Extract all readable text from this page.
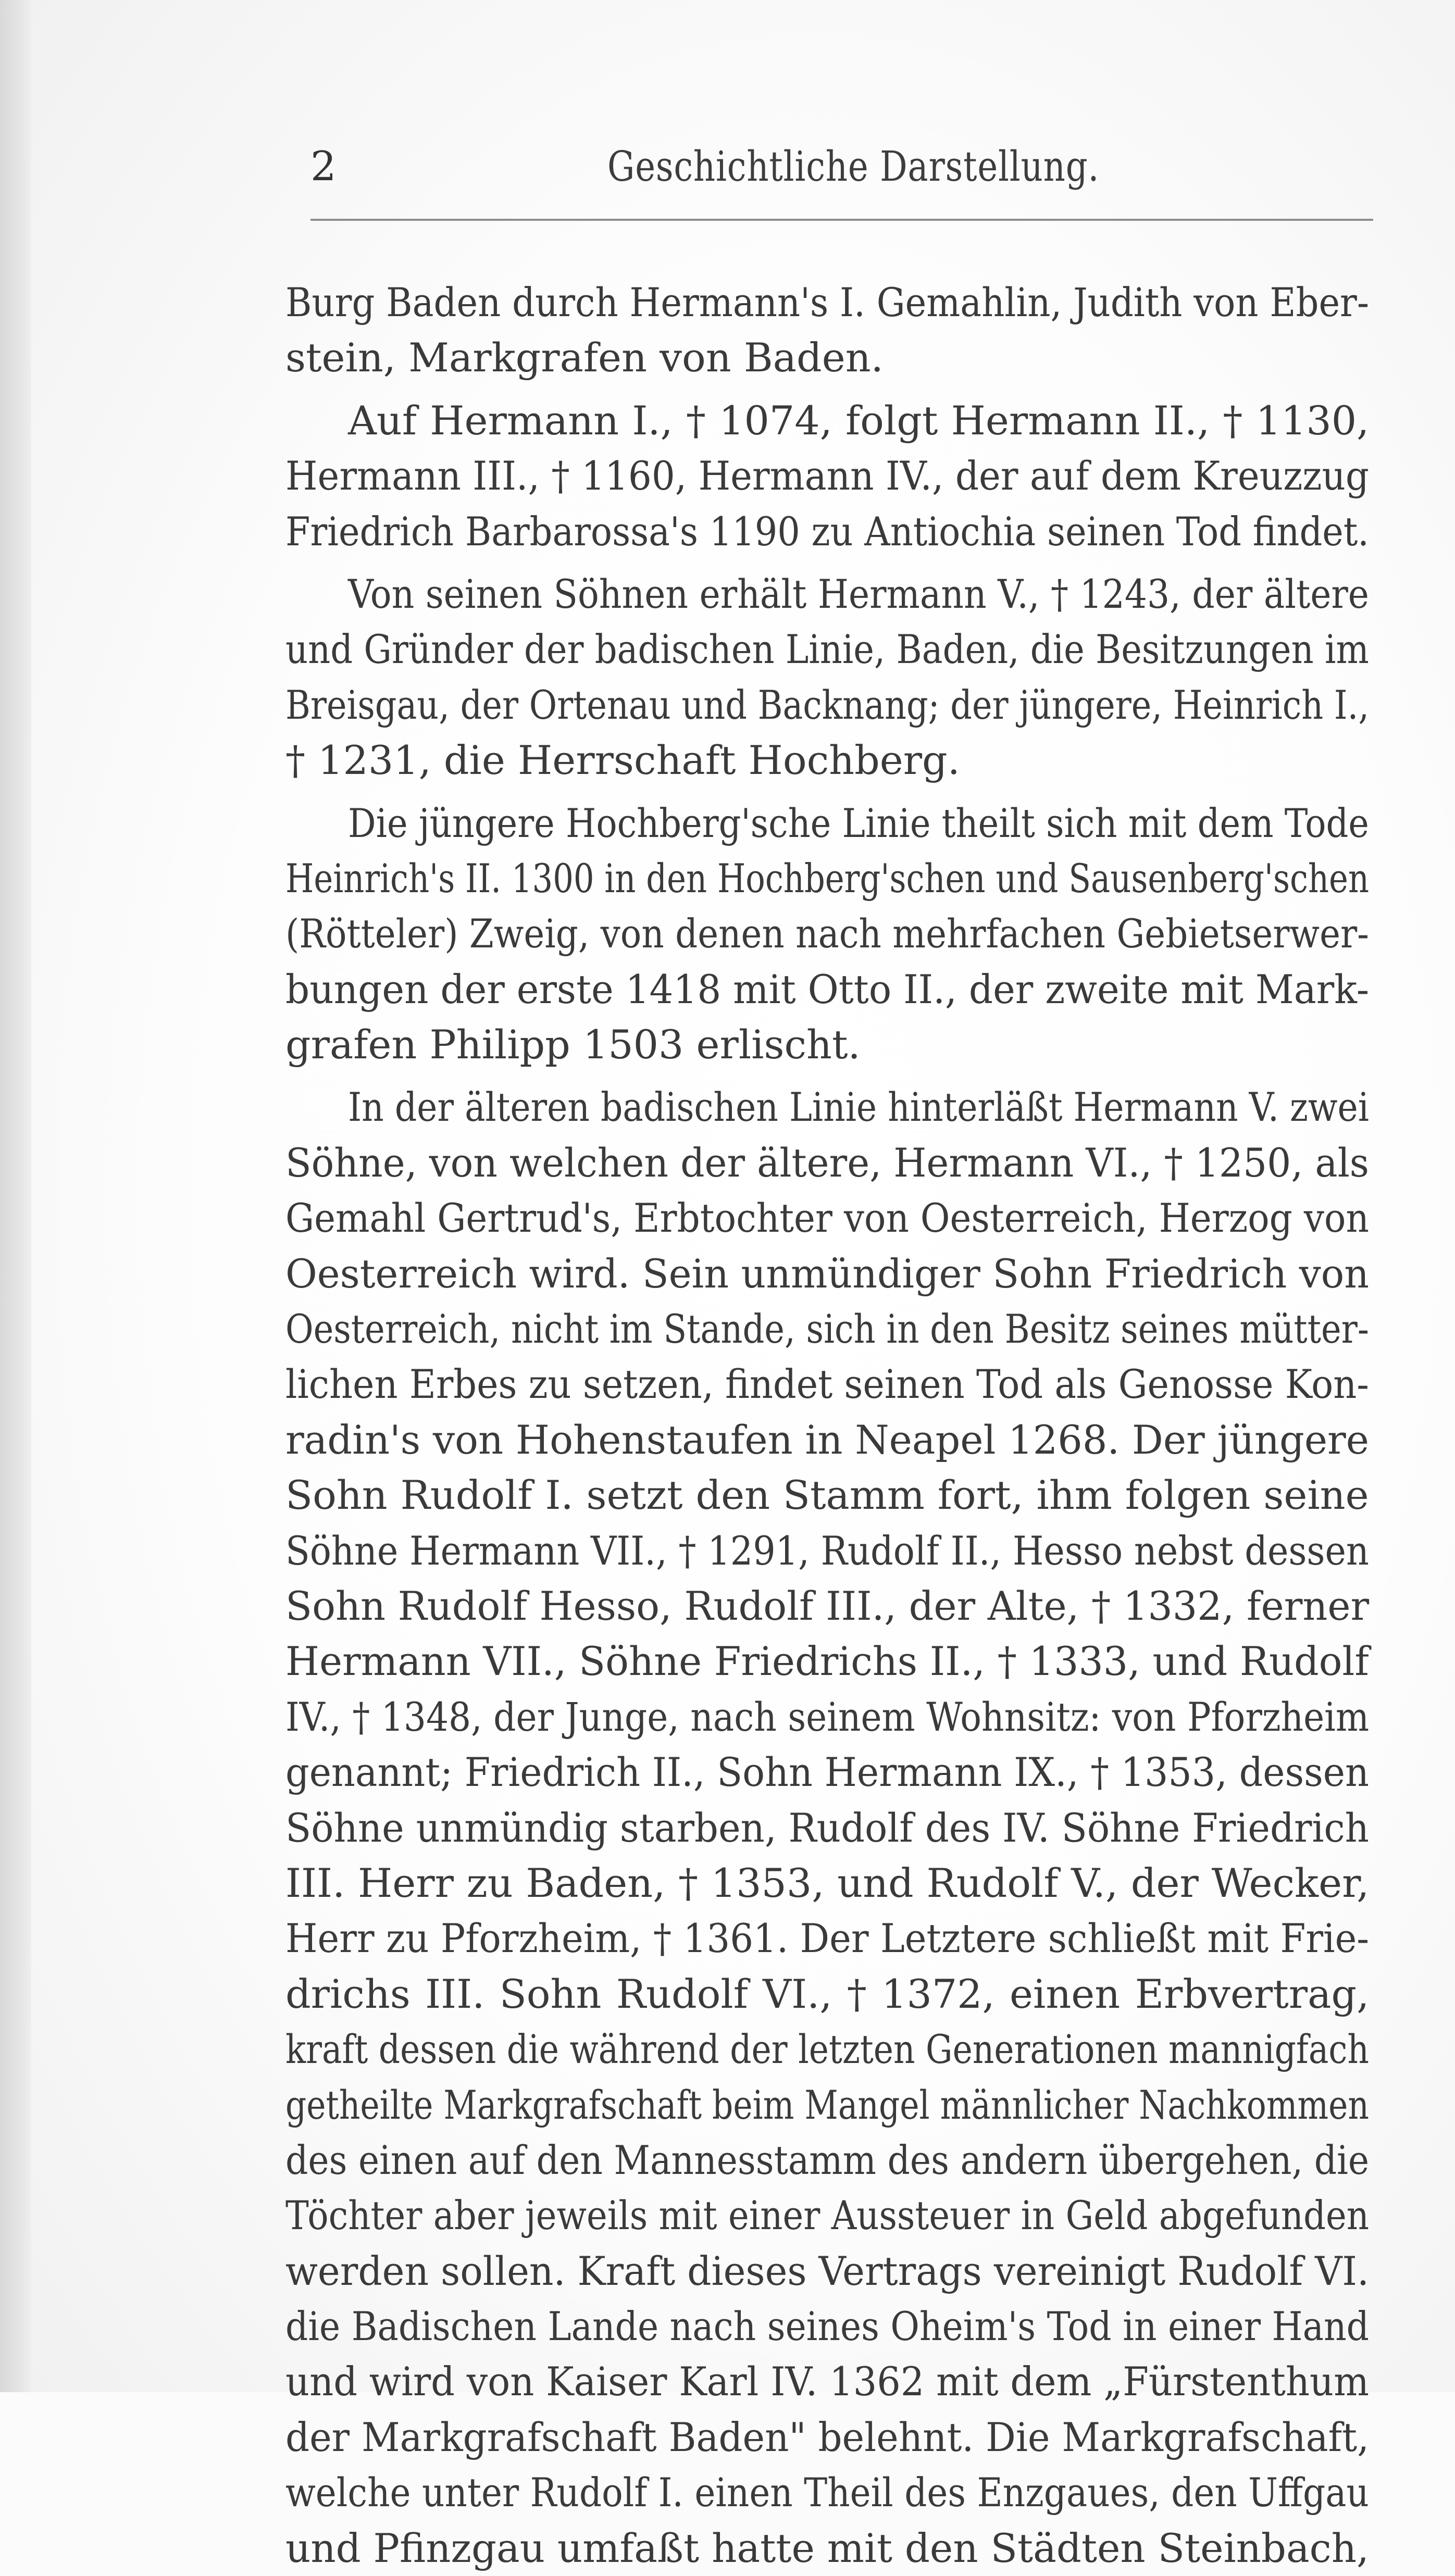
2	Geschichtliche Darstellung.
Burg Baden durch Hermann's I. Gemahlin, Judith von Eber-
stein, Markgrafen von Baden.
Auf Hermann I., † 1074, folgt Hermann II., † 1130,
Hermann III., † 1160, Hermann IV., der auf dem Kreuzzug
Friedrich Barbarossa's 1190 zu Antiochia seinen Tod findet.
Von seinen Söhnen erhält Hermann V., † 1243, der ältere
und Gründer der badischen Linie, Baden, die Besitzungen im
Breisgau, der Ortenau und Backnang; der jüngere, Heinrich I.,
† 1231, die Herrschaft Hochberg.
Die jüngere Hochberg'sche Linie theilt sich mit dem Tode
Heinrich's II. 1300 in den Hochberg'schen und Sausenberg'schen
(Rötteler) Zweig, von denen nach mehrfachen Gebietserwer-
bungen der erste 1418 mit Otto II., der zweite mit Mark-
grafen Philipp 1503 erlischt.
In der älteren badischen Linie hinterläßt Hermann V. zwei
Söhne, von welchen der ältere, Hermann VI., † 1250, als
Gemahl Gertrud's, Erbtochter von Oesterreich, Herzog von
Oesterreich wird. Sein unmündiger Sohn Friedrich von
Oesterreich, nicht im Stande, sich in den Besitz seines mütter-
lichen Erbes zu setzen, findet seinen Tod als Genosse Kon-
radin's von Hohenstaufen in Neapel 1268. Der jüngere
Sohn Rudolf I. setzt den Stamm fort, ihm folgen seine
Söhne Hermann VII., † 1291, Rudolf II., Hesso nebst dessen
Sohn Rudolf Hesso, Rudolf III., der Alte, † 1332, ferner
Hermann VII., Söhne Friedrichs II., † 1333, und Rudolf
IV., † 1348, der Junge, nach seinem Wohnsitz: von Pforzheim
genannt; Friedrich II., Sohn Hermann IX., † 1353, dessen
Söhne unmündig starben, Rudolf des IV. Söhne Friedrich
III. Herr zu Baden, † 1353, und Rudolf V., der Wecker,
Herr zu Pforzheim, † 1361. Der Letztere schließt mit Frie-
drichs III. Sohn Rudolf VI., † 1372, einen Erbvertrag,
kraft dessen die während der letzten Generationen mannigfach
getheilte Markgrafschaft beim Mangel männlicher Nachkommen
des einen auf den Mannesstamm des andern übergehen, die
Töchter aber jeweils mit einer Aussteuer in Geld abgefunden
werden sollen. Kraft dieses Vertrags vereinigt Rudolf VI.
die Badischen Lande nach seines Oheim's Tod in einer Hand
und wird von Kaiser Karl IV. 1362 mit dem „Fürstenthum
der Markgrafschaft Baden" belehnt. Die Markgrafschaft,
welche unter Rudolf I. einen Theil des Enzgaues, den Uffgau
und Pfinzgau umfaßt hatte mit den Städten Steinbach,
